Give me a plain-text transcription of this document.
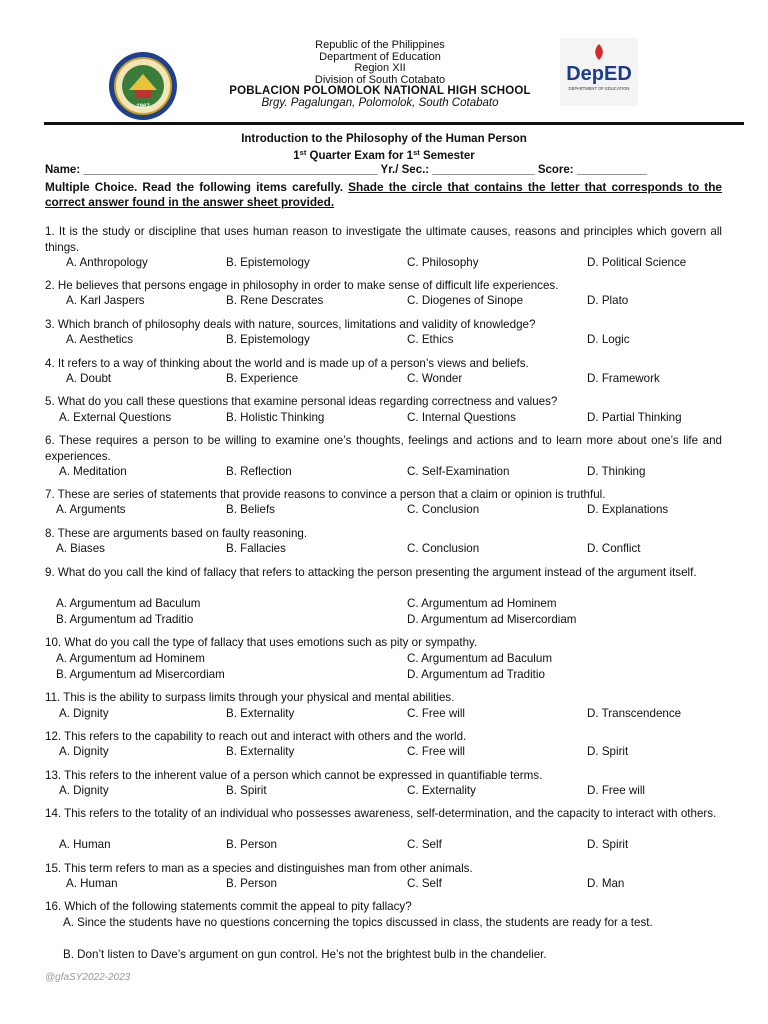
1967
Republic of the Philippines
Department of Education
Region XII
Division of South Cotabato
POBLACION POLOMOLOK NATIONAL HIGH SCHOOL
Brgy. Pagalungan, Polomolok, South Cotabato
DepED
DEPARTMENT OF EDUCATION
Introduction to the Philosophy of the Human Person
1st Quarter Exam for 1st Semester
Name: ______________________________________________ Yr./ Sec.: ________________ Score: ___________
Multiple Choice. Read the following items carefully. Shade the circle that contains the letter that corresponds to the correct answer found in the answer sheet provided.
1. It is the study or discipline that uses human reason to investigate the ultimate causes, reasons and principles which govern all things.
A. Anthropology	B. Epistemology	C. Philosophy	D. Political Science
2. He believes that persons engage in philosophy in order to make sense of difficult life experiences.
A. Karl Jaspers	B. Rene Descrates	C. Diogenes of Sinope	D. Plato
3. Which branch of philosophy deals with nature, sources, limitations and validity of knowledge?
A. Aesthetics	B. Epistemology	C. Ethics	D. Logic
4. It refers to a way of thinking about the world and is made up of a person’s views and beliefs.
A. Doubt	B. Experience	C. Wonder	D. Framework
5. What do you call these questions that examine personal ideas regarding correctness and values?
A. External Questions	B. Holistic Thinking	C. Internal Questions	D. Partial Thinking
6. These requires a person to be willing to examine one’s thoughts, feelings and actions and to learn more about one’s life and experiences.
A. Meditation	B. Reflection	C. Self-Examination	D. Thinking
7. These are series of statements that provide reasons to convince a person that a claim or opinion is truthful.
A. Arguments	B. Beliefs	C. Conclusion	D. Explanations
8. These are arguments based on faulty reasoning.
A. Biases	B. Fallacies	C. Conclusion	D. Conflict
9. What do you call the kind of fallacy that refers to attacking the person presenting the argument instead of the argument itself.
A. Argumentum ad Baculum	C. Argumentum ad Hominem
B. Argumentum ad Traditio	D. Argumentum ad Misercordiam
10. What do you call the type of fallacy that uses emotions such as pity or sympathy.
A. Argumentum ad Hominem	C. Argumentum ad Baculum
B. Argumentum ad Misercordiam	D. Argumentum ad Traditio
11. This is the ability to surpass limits through your physical and mental abilities.
A. Dignity	B. Externality	C. Free will	D. Transcendence
12. This refers to the capability to reach out and interact with others and the world.
A. Dignity	B. Externality	C. Free will	D. Spirit
13. This refers to the inherent value of a person which cannot be expressed in quantifiable terms.
A. Dignity	B. Spirit	C. Externality	D. Free will
14. This refers to the totality of an individual who possesses awareness, self-determination, and the capacity to interact with others.
A. Human	B. Person	C. Self	D. Spirit
15. This term refers to man as a species and distinguishes man from other animals.
A. Human	B. Person	C. Self	D. Man
16. Which of the following statements commit the appeal to pity fallacy?
A. Since the students have no questions concerning the topics discussed in class, the students are ready for a test.
B. Don’t listen to Dave’s argument on gun control. He’s not the brightest bulb in the chandelier.
@gfaSY2022-2023
